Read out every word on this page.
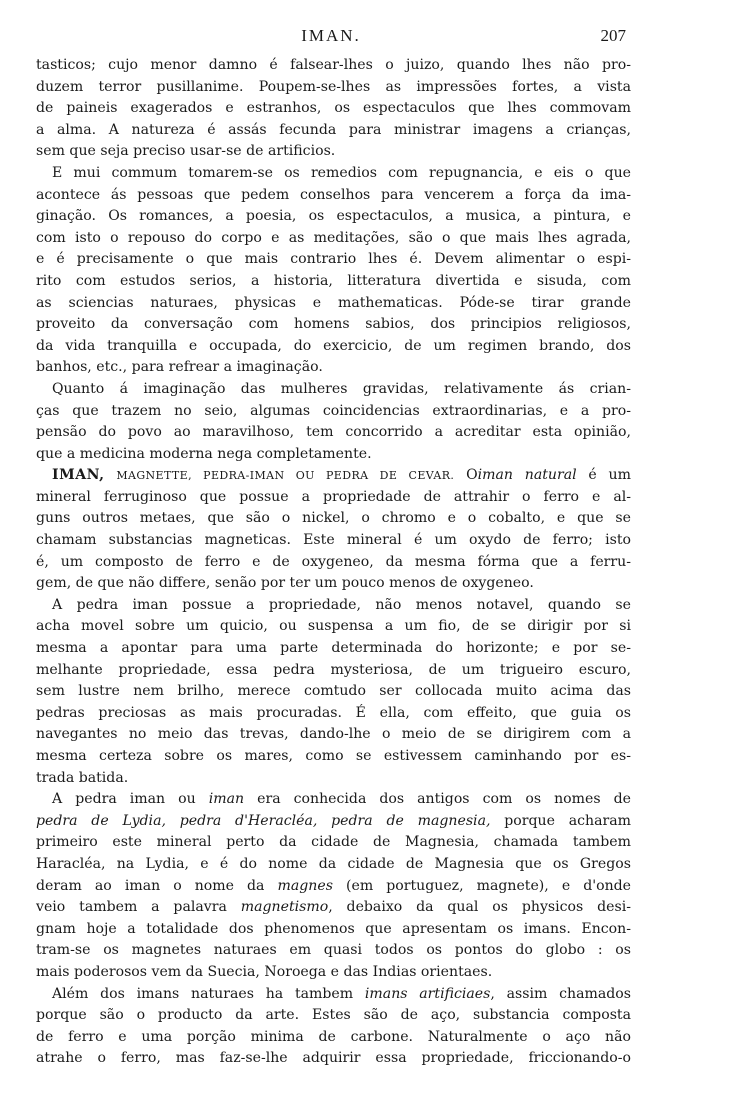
IMAN.	207
tasticos; cujo menor damno é falsear-lhes o juizo, quando lhes não pro-
duzem terror pusillanime. Poupem-se-lhes as impressões fortes, a vista
de paineis exagerados e estranhos, os espectaculos que lhes commovam
a alma. A natureza é assás fecunda para ministrar imagens a crianças,
sem que seja preciso usar-se de artificios.
E mui commum tomarem-se os remedios com repugnancia, e eis o que
acontece ás pessoas que pedem conselhos para vencerem a força da ima-
ginação. Os romances, a poesia, os espectaculos, a musica, a pintura, e
com isto o repouso do corpo e as meditações, são o que mais lhes agrada,
e é precisamente o que mais contrario lhes é. Devem alimentar o espi-
rito com estudos serios, a historia, litteratura divertida e sisuda, com
as sciencias naturaes, physicas e mathematicas. Póde-se tirar grande
proveito da conversação com homens sabios, dos principios religiosos,
da vida tranquilla e occupada, do exercicio, de um regimen brando, dos
banhos, etc., para refrear a imaginação.
Quanto á imaginação das mulheres gravidas, relativamente ás crian-
ças que trazem no seio, algumas coincidencias extraordinarias, e a pro-
pensão do povo ao maravilhoso, tem concorrido a acreditar esta opinião,
que a medicina moderna nega completamente.
IMAN, MAGNETTE, PEDRA-IMAN OU PEDRA DE CEVAR. Oiman natural é um
mineral ferruginoso que possue a propriedade de attrahir o ferro e al-
guns outros metaes, que são o nickel, o chromo e o cobalto, e que se
chamam substancias magneticas. Este mineral é um oxydo de ferro; isto
é, um composto de ferro e de oxygeneo, da mesma fórma que a ferru-
gem, de que não differe, senão por ter um pouco menos de oxygeneo.
A pedra iman possue a propriedade, não menos notavel, quando se
acha movel sobre um quicio, ou suspensa a um fio, de se dirigir por si
mesma a apontar para uma parte determinada do horizonte; e por se-
melhante propriedade, essa pedra mysteriosa, de um trigueiro escuro,
sem lustre nem brilho, merece comtudo ser collocada muito acima das
pedras preciosas as mais procuradas. É ella, com effeito, que guia os
navegantes no meio das trevas, dando-lhe o meio de se dirigirem com a
mesma certeza sobre os mares, como se estivessem caminhando por es-
trada batida.
A pedra iman ou iman era conhecida dos antigos com os nomes de
pedra de Lydia, pedra d'Heracléa, pedra de magnesia, porque acharam
primeiro este mineral perto da cidade de Magnesia, chamada tambem
Haracléa, na Lydia, e é do nome da cidade de Magnesia que os Gregos
deram ao iman o nome da magnes (em portuguez, magnete), e d'onde
veio tambem a palavra magnetismo, debaixo da qual os physicos desi-
gnam hoje a totalidade dos phenomenos que apresentam os imans. Encon-
tram-se os magnetes naturaes em quasi todos os pontos do globo : os
mais poderosos vem da Suecia, Noroega e das Indias orientaes.
Além dos imans naturaes ha tambem imans artificiaes, assim chamados
porque são o producto da arte. Estes são de aço, substancia composta
de ferro e uma porção minima de carbone. Naturalmente o aço não
atrahe o ferro, mas faz-se-lhe adquirir essa propriedade, friccionando-o
